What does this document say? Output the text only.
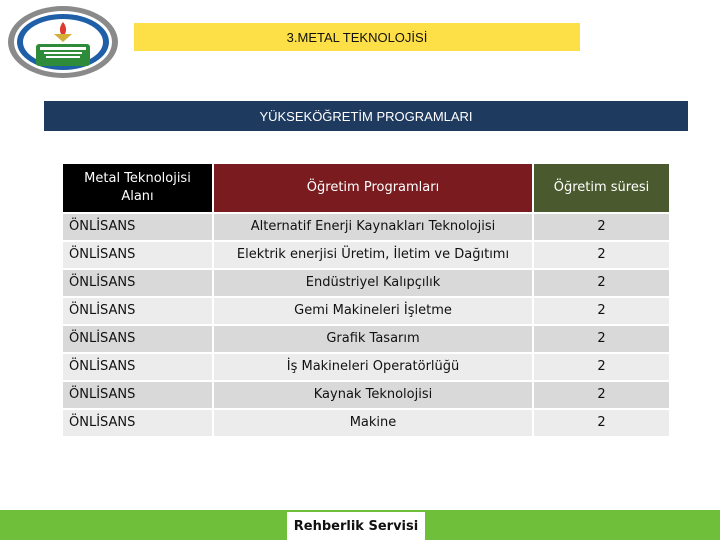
3.METAL TEKNOLOJİSİ
YÜKSEKÖĞRETİM PROGRAMLARI
Metal Teknolojisi Alanı	Öğretim Programları	Öğretim süresi
ÖNLİSANS	Alternatif Enerji Kaynakları Teknolojisi	2
ÖNLİSANS	Elektrik enerjisi Üretim, İletim ve Dağıtımı	2
ÖNLİSANS	Endüstriyel Kalıpçılık	2
ÖNLİSANS	Gemi Makineleri İşletme	2
ÖNLİSANS	Grafik Tasarım	2
ÖNLİSANS	İş Makineleri Operatörlüğü	2
ÖNLİSANS	Kaynak Teknolojisi	2
ÖNLİSANS	Makine	2
Rehberlik Servisi
